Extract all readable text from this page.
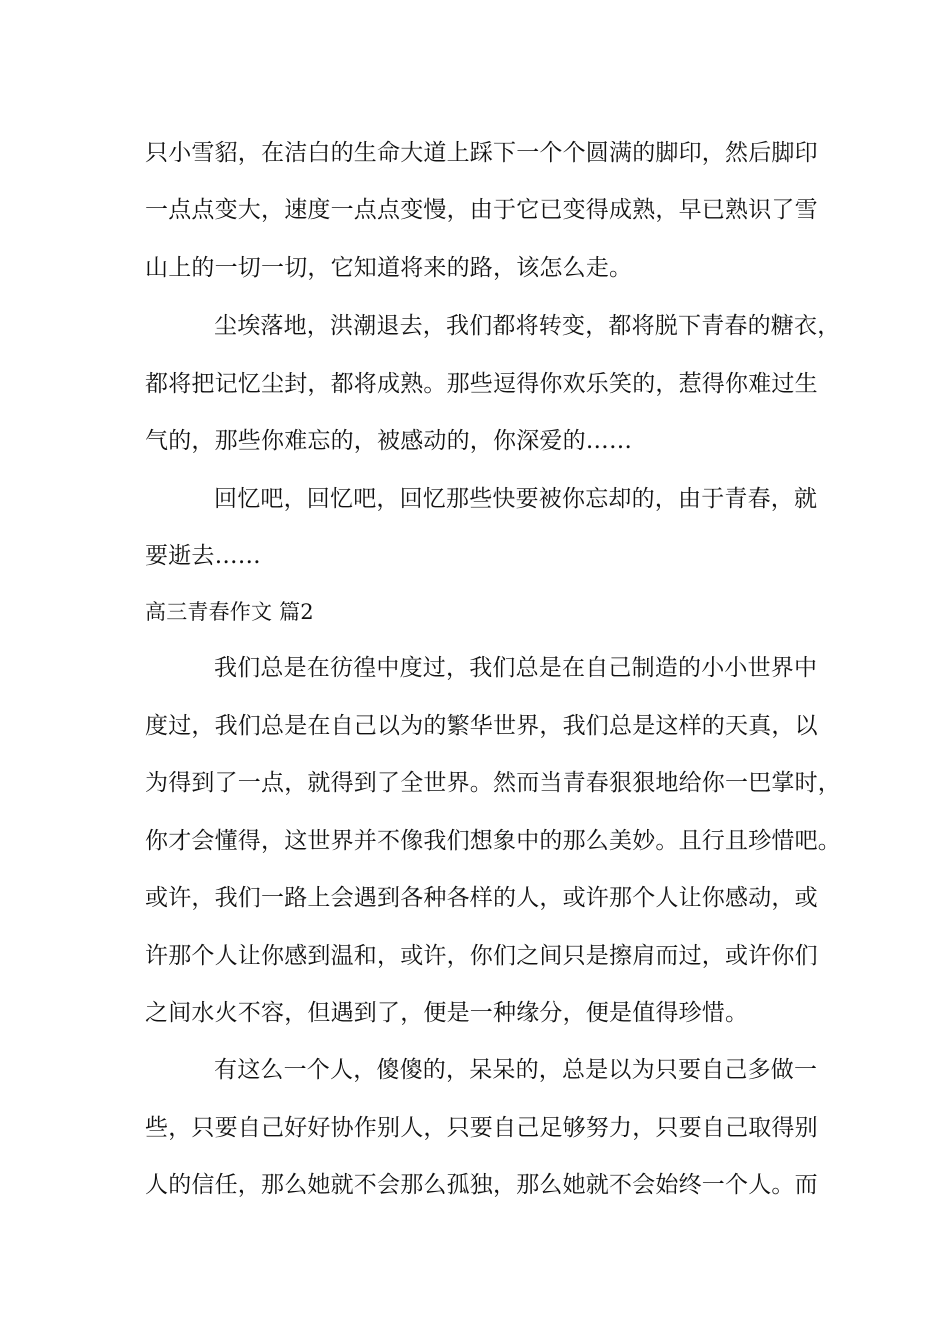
只小雪貂，在洁白的生命大道上踩下一个个圆满的脚印，然后脚印
一点点变大，速度一点点变慢，由于它已变得成熟，早已熟识了雪
山上的一切一切，它知道将来的路，该怎么走。
尘埃落地，洪潮退去，我们都将转变，都将脱下青春的糖衣，
都将把记忆尘封，都将成熟。那些逗得你欢乐笑的，惹得你难过生
气的，那些你难忘的，被感动的，你深爱的……
回忆吧，回忆吧，回忆那些快要被你忘却的，由于青春，就
要逝去……
高三青春作文 篇2
我们总是在彷徨中度过，我们总是在自己制造的小小世界中
度过，我们总是在自己以为的繁华世界，我们总是这样的天真，以
为得到了一点，就得到了全世界。然而当青春狠狠地给你一巴掌时，
你才会懂得，这世界并不像我们想象中的那么美妙。且行且珍惜吧。
或许，我们一路上会遇到各种各样的人，或许那个人让你感动，或
许那个人让你感到温和，或许，你们之间只是擦肩而过，或许你们
之间水火不容，但遇到了，便是一种缘分，便是值得珍惜。
有这么一个人，傻傻的，呆呆的，总是以为只要自己多做一
些，只要自己好好协作别人，只要自己足够努力，只要自己取得别
人的信任，那么她就不会那么孤独，那么她就不会始终一个人。而
